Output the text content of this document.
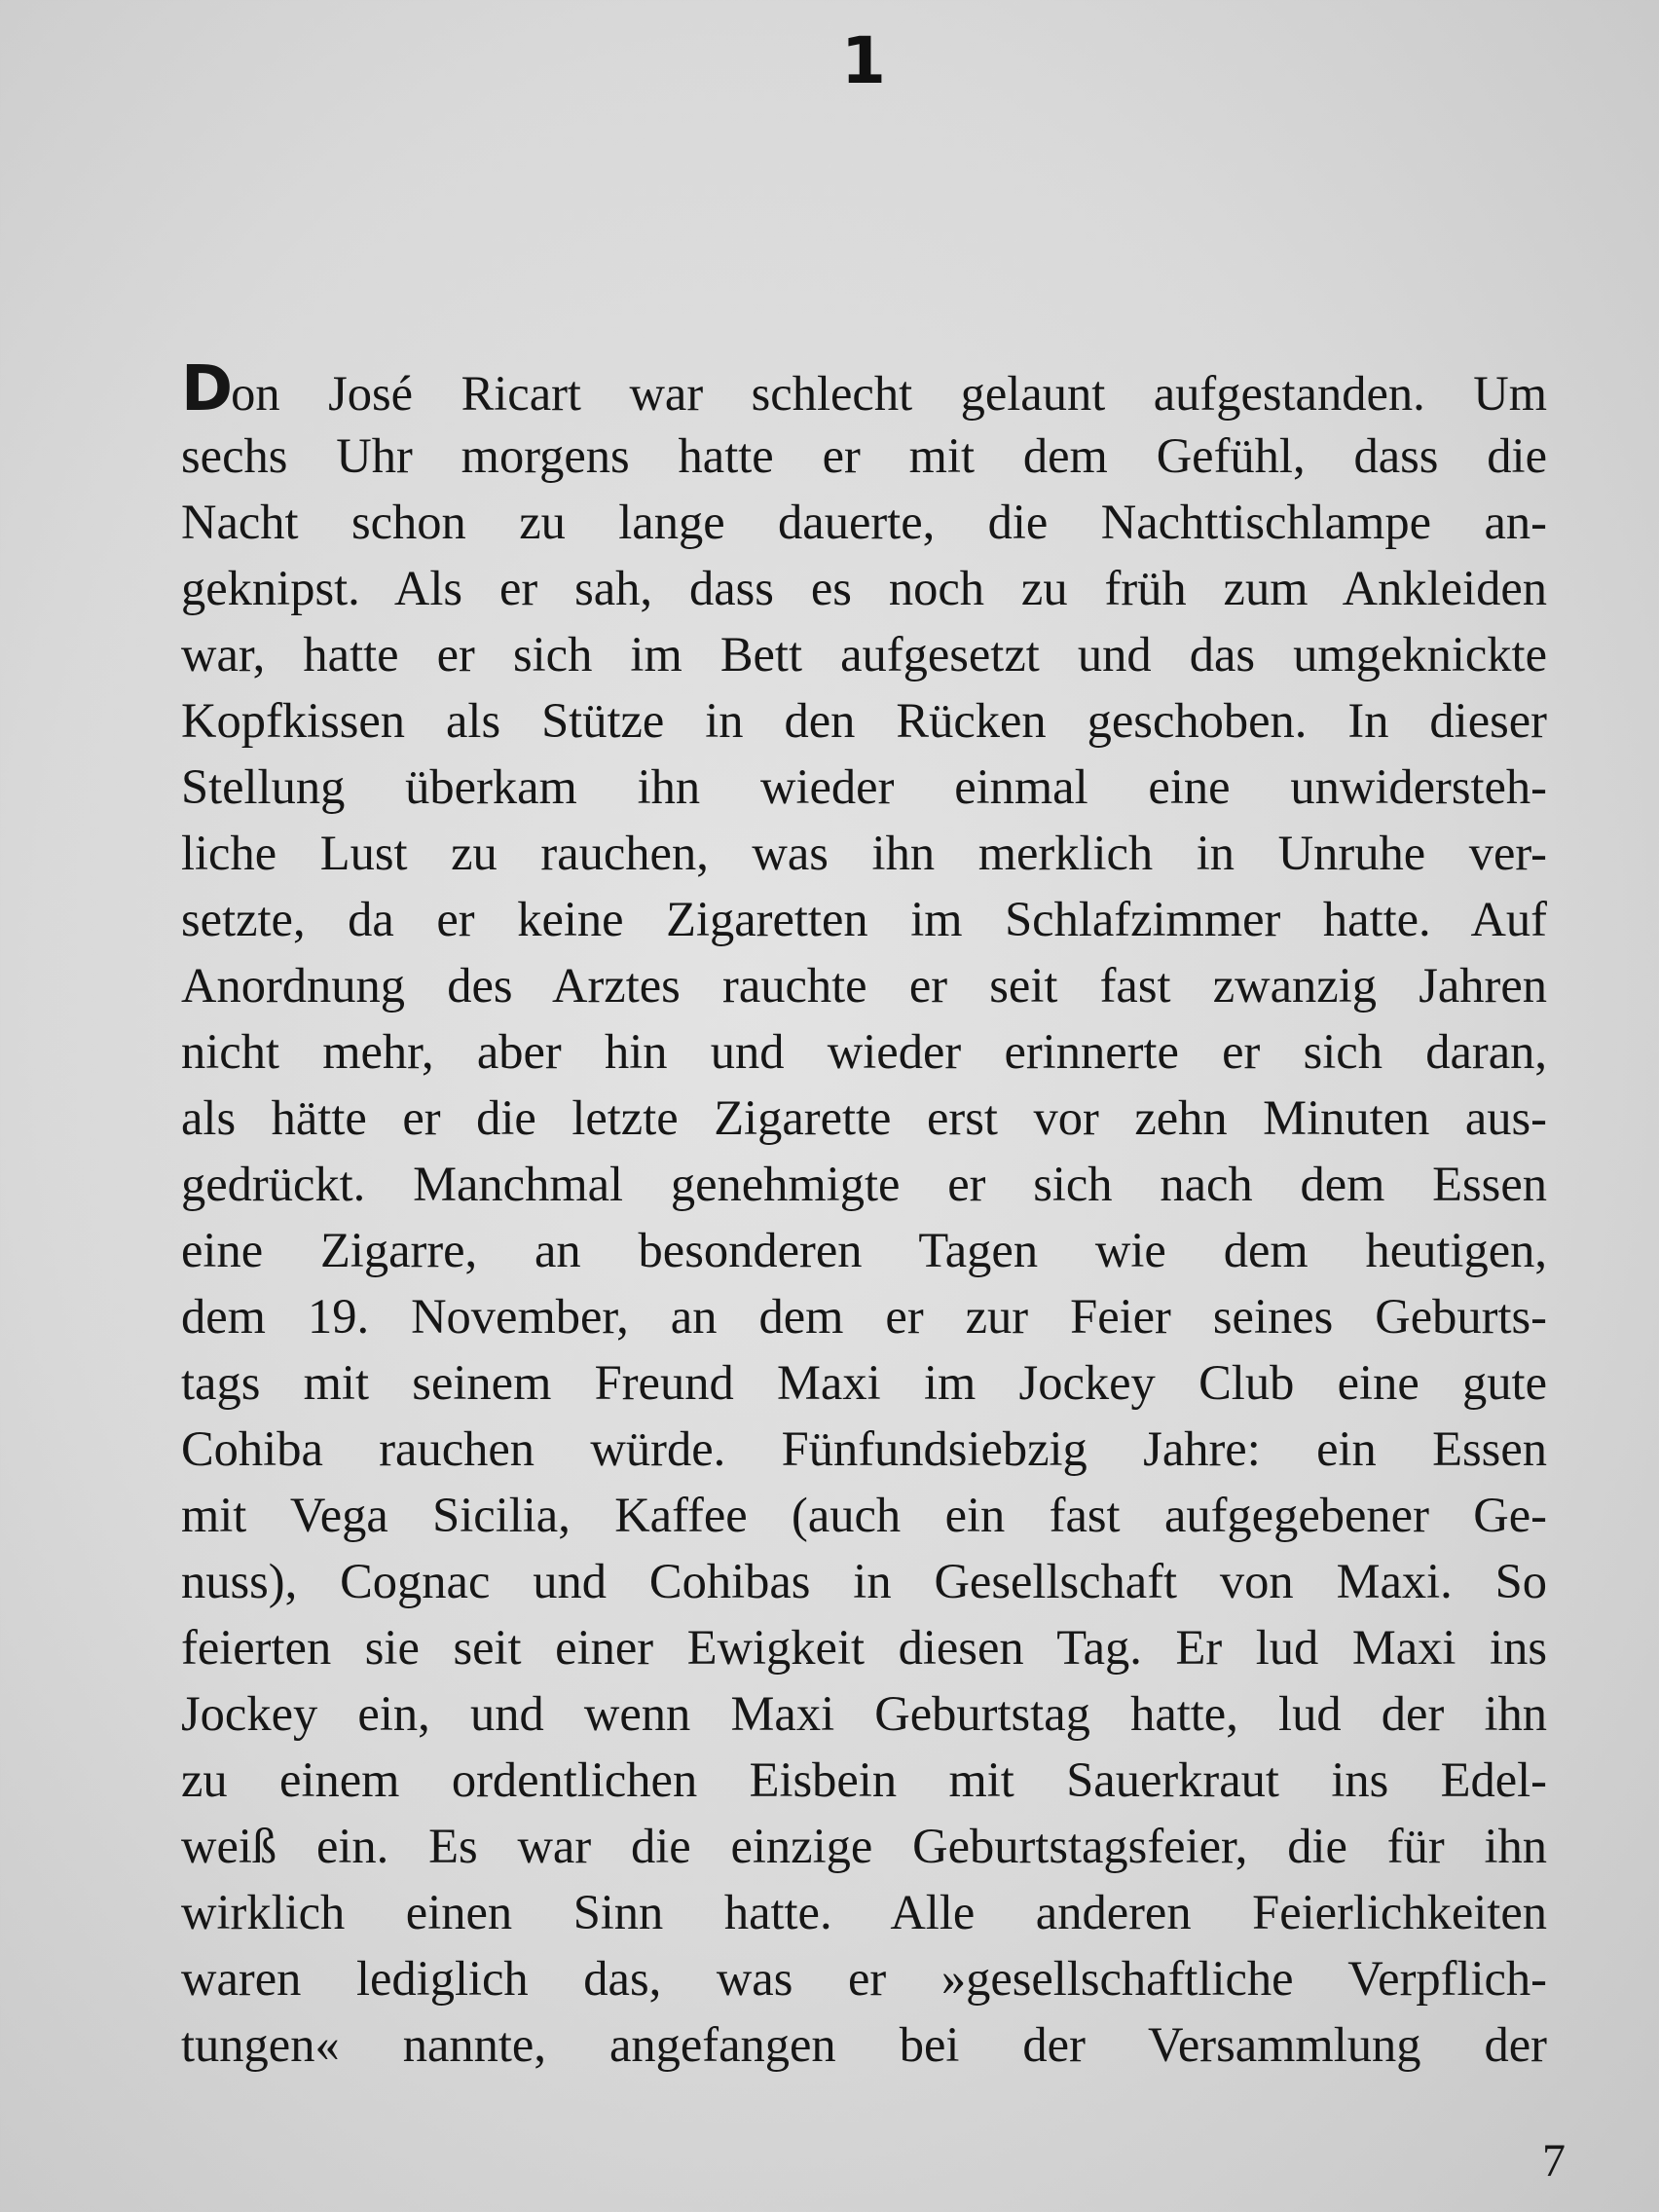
1
Don José Ricart war schlecht gelaunt aufgestanden. Um
sechs Uhr morgens hatte er mit dem Gefühl, dass die
Nacht schon zu lange dauerte, die Nachttischlampe an-
geknipst. Als er sah, dass es noch zu früh zum Ankleiden
war, hatte er sich im Bett aufgesetzt und das umgeknickte
Kopfkissen als Stütze in den Rücken geschoben. In dieser
Stellung überkam ihn wieder einmal eine unwidersteh-
liche Lust zu rauchen, was ihn merklich in Unruhe ver-
setzte, da er keine Zigaretten im Schlafzimmer hatte. Auf
Anordnung des Arztes rauchte er seit fast zwanzig Jahren
nicht mehr, aber hin und wieder erinnerte er sich daran,
als hätte er die letzte Zigarette erst vor zehn Minuten aus-
gedrückt. Manchmal genehmigte er sich nach dem Essen
eine Zigarre, an besonderen Tagen wie dem heutigen,
dem 19. November, an dem er zur Feier seines Geburts-
tags mit seinem Freund Maxi im Jockey Club eine gute
Cohiba rauchen würde. Fünfundsiebzig Jahre: ein Essen
mit Vega Sicilia, Kaffee (auch ein fast aufgegebener Ge-
nuss), Cognac und Cohibas in Gesellschaft von Maxi. So
feierten sie seit einer Ewigkeit diesen Tag. Er lud Maxi ins
Jockey ein, und wenn Maxi Geburtstag hatte, lud der ihn
zu einem ordentlichen Eisbein mit Sauerkraut ins Edel-
weiß ein. Es war die einzige Geburtstagsfeier, die für ihn
wirklich einen Sinn hatte. Alle anderen Feierlichkeiten
waren lediglich das, was er »gesellschaftliche Verpflich-
tungen« nannte, angefangen bei der Versammlung der
7
